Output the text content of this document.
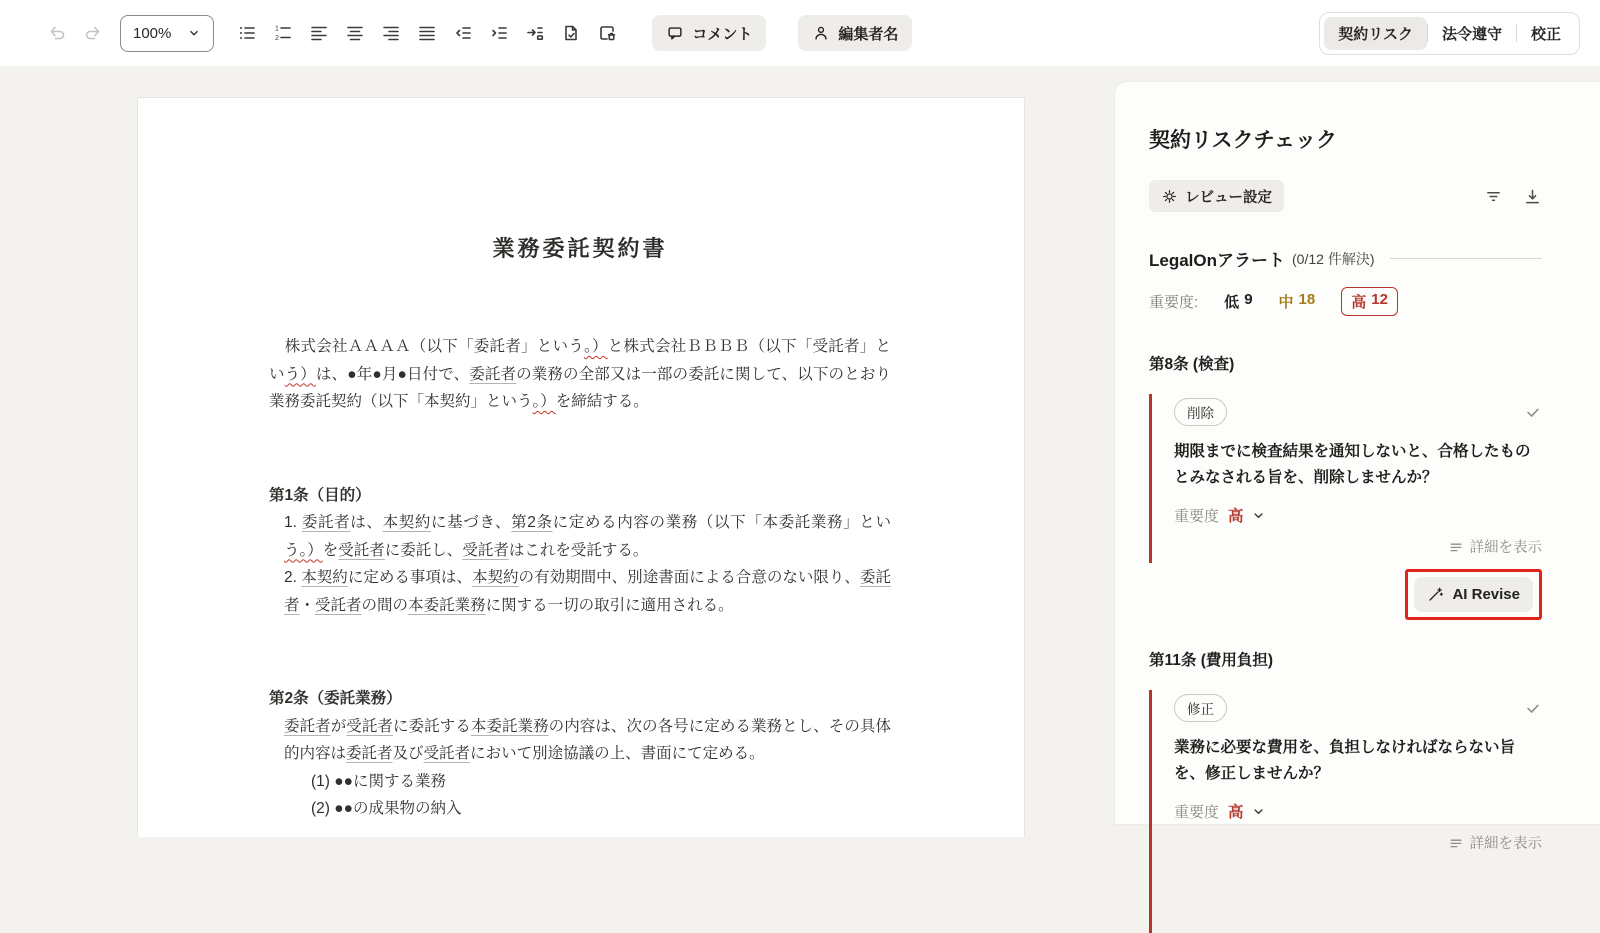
100%	1
2	コメント	編集者名	契約リスク	法令遵守	校正
業務委託契約書
　株式会社ＡＡＡＡ（以下「委託者」という。）と株式会社ＢＢＢＢ（以下「受託者」という）は、●年●月●日付で、委託者の業務の全部又は一部の委託に関して、以下のとおり業務委託契約（以下「本契約」という。）を締結する。
第1条（目的）
1. 委託者は、本契約に基づき、第2条に定める内容の業務（以下「本委託業務」という。）を受託者に委託し、受託者はこれを受託する。
2. 本契約に定める事項は、本契約の有効期間中、別途書面による合意のない限り、委託者・受託者の間の本委託業務に関する一切の取引に適用される。
第2条（委託業務）
委託者が受託者に委託する本委託業務の内容は、次の各号に定める業務とし、その具体的内容は委託者及び受託者において別途協議の上、書面にて定める。
(1) ●●に関する業務
(2) ●●の成果物の納入
契約リスクチェック
レビュー設定
LegalOnアラート (0/12 件解決)
重要度: 低 9 中 18 高 12
第8条 (検査)
削除
期限までに検査結果を通知しないと、合格したものとみなされる旨を、削除しませんか？
重要度 高
詳細を表示
AI Revise
第11条 (費用負担)
修正
業務に必要な費用を、負担しなければならない旨を、修正しませんか？
重要度 高
詳細を表示
